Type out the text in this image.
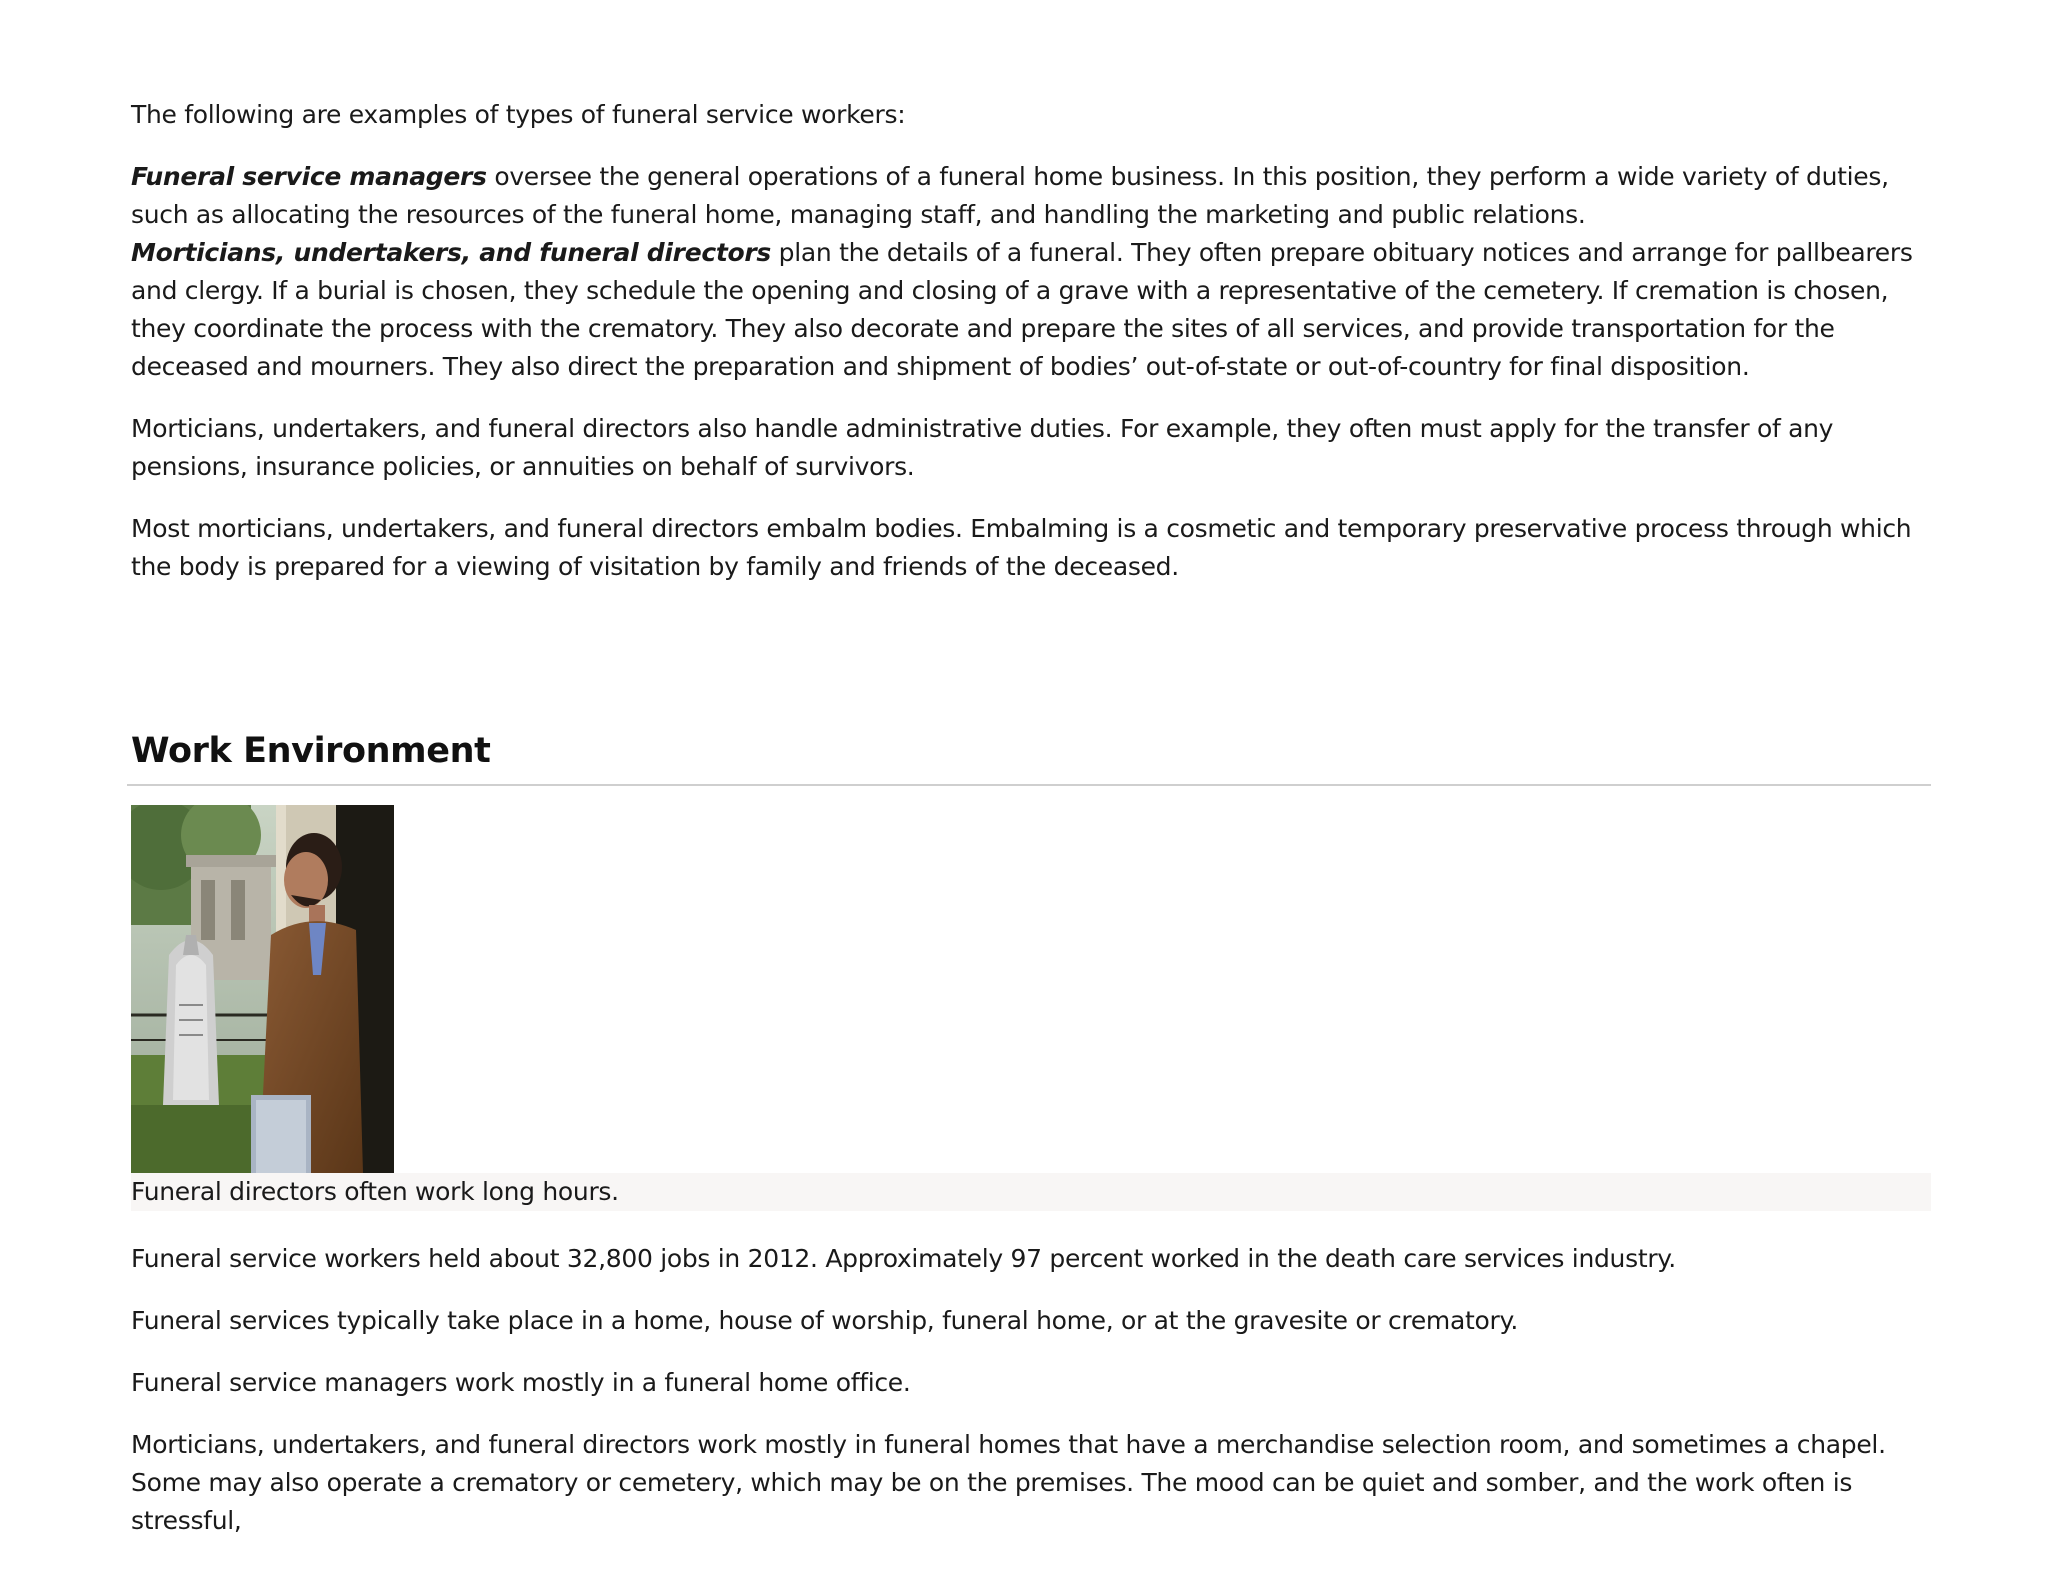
The following are examples of types of funeral service workers:

Funeral service managers oversee the general operations of a funeral home business. In this position, they perform a wide variety of duties, such as allocating the resources of the funeral home, managing staff, and handling the marketing and public relations.

Morticians, undertakers, and funeral directors plan the details of a funeral. They often prepare obituary notices and arrange for pallbearers and clergy. If a burial is chosen, they schedule the opening and closing of a grave with a representative of the cemetery. If cremation is chosen, they coordinate the process with the crematory. They also decorate and prepare the sites of all services, and provide transportation for the deceased and mourners. They also direct the preparation and shipment of bodies’ out-of-state or out-of-country for final disposition.

Morticians, undertakers, and funeral directors also handle administrative duties. For example, they often must apply for the transfer of any pensions, insurance policies, or annuities on behalf of survivors.

Most morticians, undertakers, and funeral directors embalm bodies. Embalming is a cosmetic and temporary preservative process through which the body is prepared for a viewing of visitation by family and friends of the deceased.

Work Environment

Funeral directors often work long hours.

Funeral service workers held about 32,800 jobs in 2012. Approximately 97 percent worked in the death care services industry.

Funeral services typically take place in a home, house of worship, funeral home, or at the gravesite or crematory.

Funeral service managers work mostly in a funeral home office.

Morticians, undertakers, and funeral directors work mostly in funeral homes that have a merchandise selection room, and sometimes a chapel. Some may also operate a crematory or cemetery, which may be on the premises. The mood can be quiet and somber, and the work often is stressful,
